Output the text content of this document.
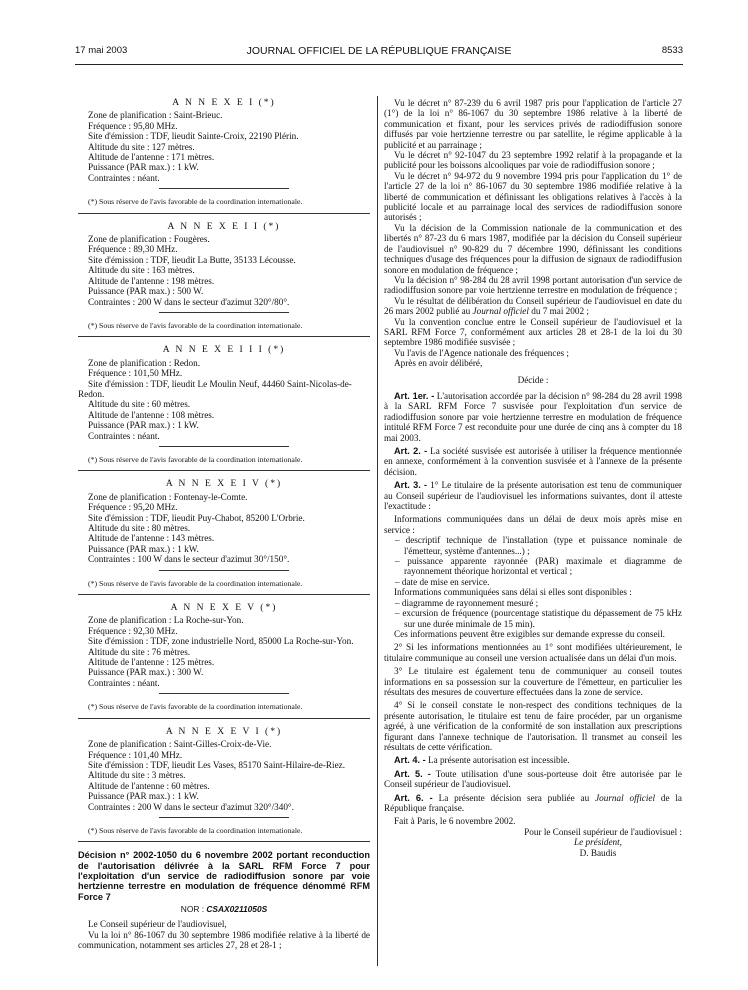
17 mai 2003	JOURNAL OFFICIEL DE LA RÉPUBLIQUE FRANÇAISE	8533
A N N E X E I (*)

Zone de planification : Saint-Brieuc.

Fréquence : 95,80 MHz.

Site d'émission : TDF, lieudit Sainte-Croix, 22190 Plérin.

Altitude du site : 127 mètres.

Altitude de l'antenne : 171 mètres.

Puissance (PAR max.) : 1 kW.

Contraintes : néant.

(*) Sous réserve de l'avis favorable de la coordination internationale.
A N N E X E I I (*)

Zone de planification : Fougères.

Fréquence : 89,30 MHz.

Site d'émission : TDF, lieudit La Butte, 35133 Lécousse.

Altitude du site : 163 mètres.

Altitude de l'antenne : 198 mètres.

Puissance (PAR max.) : 500 W.

Contraintes : 200 W dans le secteur d'azimut 320°/80°.

(*) Sous réserve de l'avis favorable de la coordination internationale.
A N N E X E I I I (*)

Zone de planification : Redon.

Fréquence : 101,50 MHz.

Site d'émission : TDF, lieudit Le Moulin Neuf, 44460 Saint-Nicolas-de-Redon.

Altitude du site : 60 mètres.

Altitude de l'antenne : 108 mètres.

Puissance (PAR max.) : 1 kW.

Contraintes : néant.

(*) Sous réserve de l'avis favorable de la coordination internationale.
A N N E X E I V (*)

Zone de planification : Fontenay-le-Comte.

Fréquence : 95,20 MHz.

Site d'émission : TDF, lieudit Puy-Chabot, 85200 L'Orbrie.

Altitude du site : 80 mètres.

Altitude de l'antenne : 143 mètres.

Puissance (PAR max.) : 1 kW.

Contraintes : 100 W dans le secteur d'azimut 30°/150°.

(*) Sous réserve de l'avis favorable de la coordination internationale.
A N N E X E V (*)

Zone de planification : La Roche-sur-Yon.

Fréquence : 92,30 MHz.

Site d'émission : TDF, zone industrielle Nord, 85000 La Roche-sur-Yon.

Altitude du site : 76 mètres.

Altitude de l'antenne : 125 mètres.

Puissance (PAR max.) : 300 W.

Contraintes : néant.

(*) Sous réserve de l'avis favorable de la coordination internationale.
A N N E X E V I (*)

Zone de planification : Saint-Gilles-Croix-de-Vie.

Fréquence : 101,40 MHz.

Site d'émission : TDF, lieudit Les Vases, 85170 Saint-Hilaire-de-Riez.

Altitude du site : 3 mètres.

Altitude de l'antenne : 60 mètres.

Puissance (PAR max.) : 1 kW.

Contraintes : 200 W dans le secteur d'azimut 320°/340°.

(*) Sous réserve de l'avis favorable de la coordination internationale.

Décision n° 2002-1050 du 6 novembre 2002 portant reconduction de l'autorisation délivrée à la SARL RFM Force 7 pour l'exploitation d'un service de radiodiffusion sonore par voie hertzienne terrestre en modulation de fréquence dénommé RFM Force 7

NOR : CSAX0211050S

Le Conseil supérieur de l'audiovisuel,

Vu la loi n° 86-1067 du 30 septembre 1986 modifiée relative à la liberté de communication, notamment ses articles 27, 28 et 28-1 ;

Vu le décret n° 87-239 du 6 avril 1987 pris pour l'application de l'article 27 (1°) de la loi n° 86-1067 du 30 septembre 1986 relative à la liberté de communication et fixant, pour les services privés de radiodiffusion sonore diffusés par voie hertzienne terrestre ou par satellite, le régime applicable à la publicité et au parrainage ;

Vu le décret n° 92-1047 du 23 septembre 1992 relatif à la propagande et la publicité pour les boissons alcooliques par voie de radiodiffusion sonore ;

Vu le décret n° 94-972 du 9 novembre 1994 pris pour l'application du 1° de l'article 27 de la loi n° 86-1067 du 30 septembre 1986 modifiée relative à la liberté de communication et définissant les obligations relatives à l'accès à la publicité locale et au parrainage local des services de radiodiffusion sonore autorisés ;

Vu la décision de la Commission nationale de la communication et des libertés n° 87-23 du 6 mars 1987, modifiée par la décision du Conseil supérieur de l'audiovisuel n° 90-829 du 7 décembre 1990, définissant les conditions techniques d'usage des fréquences pour la diffusion de signaux de radiodiffusion sonore en modulation de fréquence ;

Vu la décision n° 98-284 du 28 avril 1998 portant autorisation d'un service de radiodiffusion sonore par voie hertzienne terrestre en modulation de fréquence ;

Vu le résultat de délibération du Conseil supérieur de l'audiovisuel en date du 26 mars 2002 publié au Journal officiel du 7 mai 2002 ;

Vu la convention conclue entre le Conseil supérieur de l'audiovisuel et la SARL RFM Force 7, conformément aux articles 28 et 28-1 de la loi du 30 septembre 1986 modifiée susvisée ;

Vu l'avis de l'Agence nationale des fréquences ;

Après en avoir délibéré,

Décide :

Art. 1er. - L'autorisation accordée par la décision n° 98-284 du 28 avril 1998 à la SARL RFM Force 7 susvisée pour l'exploitation d'un service de radiodiffusion sonore par voie hertzienne terrestre en modulation de fréquence intitulé RFM Force 7 est reconduite pour une durée de cinq ans à compter du 18 mai 2003.

Art. 2. - La société susvisée est autorisée à utiliser la fréquence mentionnée en annexe, conformément à la convention susvisée et à l'annexe de la présente décision.

Art. 3. - 1° Le titulaire de la présente autorisation est tenu de communiquer au Conseil supérieur de l'audiovisuel les informations suivantes, dont il atteste l'exactitude :

Informations communiquées dans un délai de deux mois après mise en service :

– descriptif technique de l'installation (type et puissance nominale de l'émetteur, système d'antennes...) ;

– puissance apparente rayonnée (PAR) maximale et diagramme de rayonnement théorique horizontal et vertical ;

– date de mise en service.

Informations communiquées sans délai si elles sont disponibles :

– diagramme de rayonnement mesuré ;

– excursion de fréquence (pourcentage statistique du dépassement de 75 kHz sur une durée minimale de 15 min).

Ces informations peuvent être exigibles sur demande expresse du conseil.

2° Si les informations mentionnées au 1° sont modifiées ultérieurement, le titulaire communique au conseil une version actualisée dans un délai d'un mois.

3° Le titulaire est également tenu de communiquer au conseil toutes informations en sa possession sur la couverture de l'émetteur, en particulier les résultats des mesures de couverture effectuées dans la zone de service.

4° Si le conseil constate le non-respect des conditions techniques de la présente autorisation, le titulaire est tenu de faire procéder, par un organisme agréé, à une vérification de la conformité de son installation aux prescriptions figurant dans l'annexe technique de l'autorisation. Il transmet au conseil les résultats de cette vérification.

Art. 4. - La présente autorisation est incessible.

Art. 5. - Toute utilisation d'une sous-porteuse doit être autorisée par le Conseil supérieur de l'audiovisuel.

Art. 6. - La présente décision sera publiée au Journal officiel de la République française.

Fait à Paris, le 6 novembre 2002.

Pour le Conseil supérieur de l'audiovisuel :

Le président,

D. Baudis
